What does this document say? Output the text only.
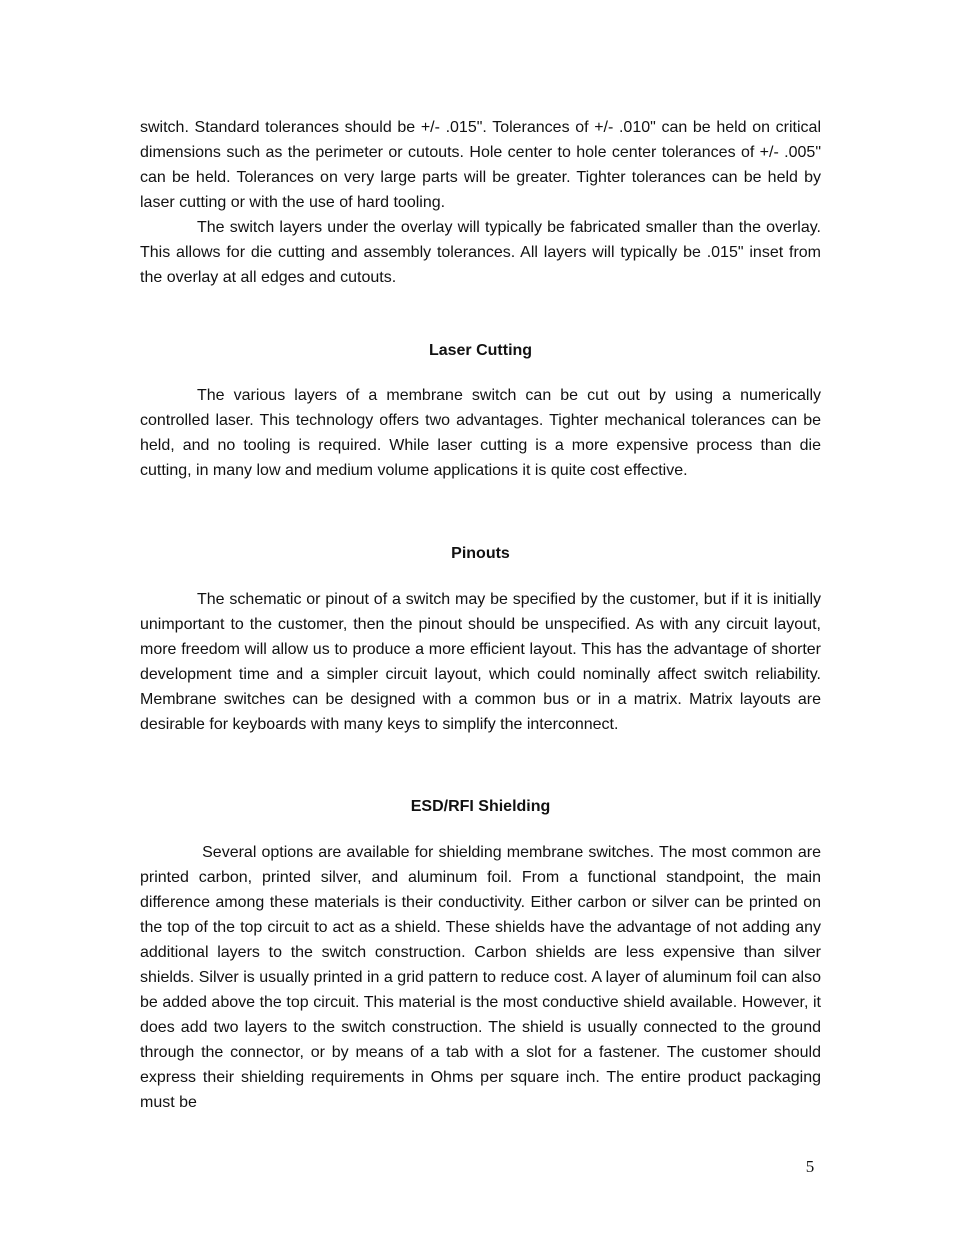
switch. Standard tolerances should be +/- .015". Tolerances of +/- .010" can be held on critical dimensions such as the perimeter or cutouts. Hole center to hole center tolerances of +/- .005" can be held. Tolerances on very large parts will be greater. Tighter tolerances can be held by laser cutting or with the use of hard tooling.

The switch layers under the overlay will typically be fabricated smaller than the overlay. This allows for die cutting and assembly tolerances. All layers will typically be .015" inset from the overlay at all edges and cutouts.

Laser Cutting

The various layers of a membrane switch can be cut out by using a numerically controlled laser. This technology offers two advantages. Tighter mechanical tolerances can be held, and no tooling is required. While laser cutting is a more expensive process than die cutting, in many low and medium volume applications it is quite cost effective.

Pinouts

The schematic or pinout of a switch may be specified by the customer, but if it is initially unimportant to the customer, then the pinout should be unspecified. As with any circuit layout, more freedom will allow us to produce a more efficient layout. This has the advantage of shorter development time and a simpler circuit layout, which could nominally affect switch reliability. Membrane switches can be designed with a common bus or in a matrix. Matrix layouts are desirable for keyboards with many keys to simplify the interconnect.

ESD/RFI Shielding

Several options are available for shielding membrane switches. The most common are printed carbon, printed silver, and aluminum foil. From a functional standpoint, the main difference among these materials is their conductivity. Either carbon or silver can be printed on the top of the top circuit to act as a shield. These shields have the advantage of not adding any additional layers to the switch construction. Carbon shields are less expensive than silver shields. Silver is usually printed in a grid pattern to reduce cost. A layer of aluminum foil can also be added above the top circuit. This material is the most conductive shield available. However, it does add two layers to the switch construction. The shield is usually connected to the ground through the connector, or by means of a tab with a slot for a fastener. The customer should express their shielding requirements in Ohms per square inch. The entire product packaging must be

5
